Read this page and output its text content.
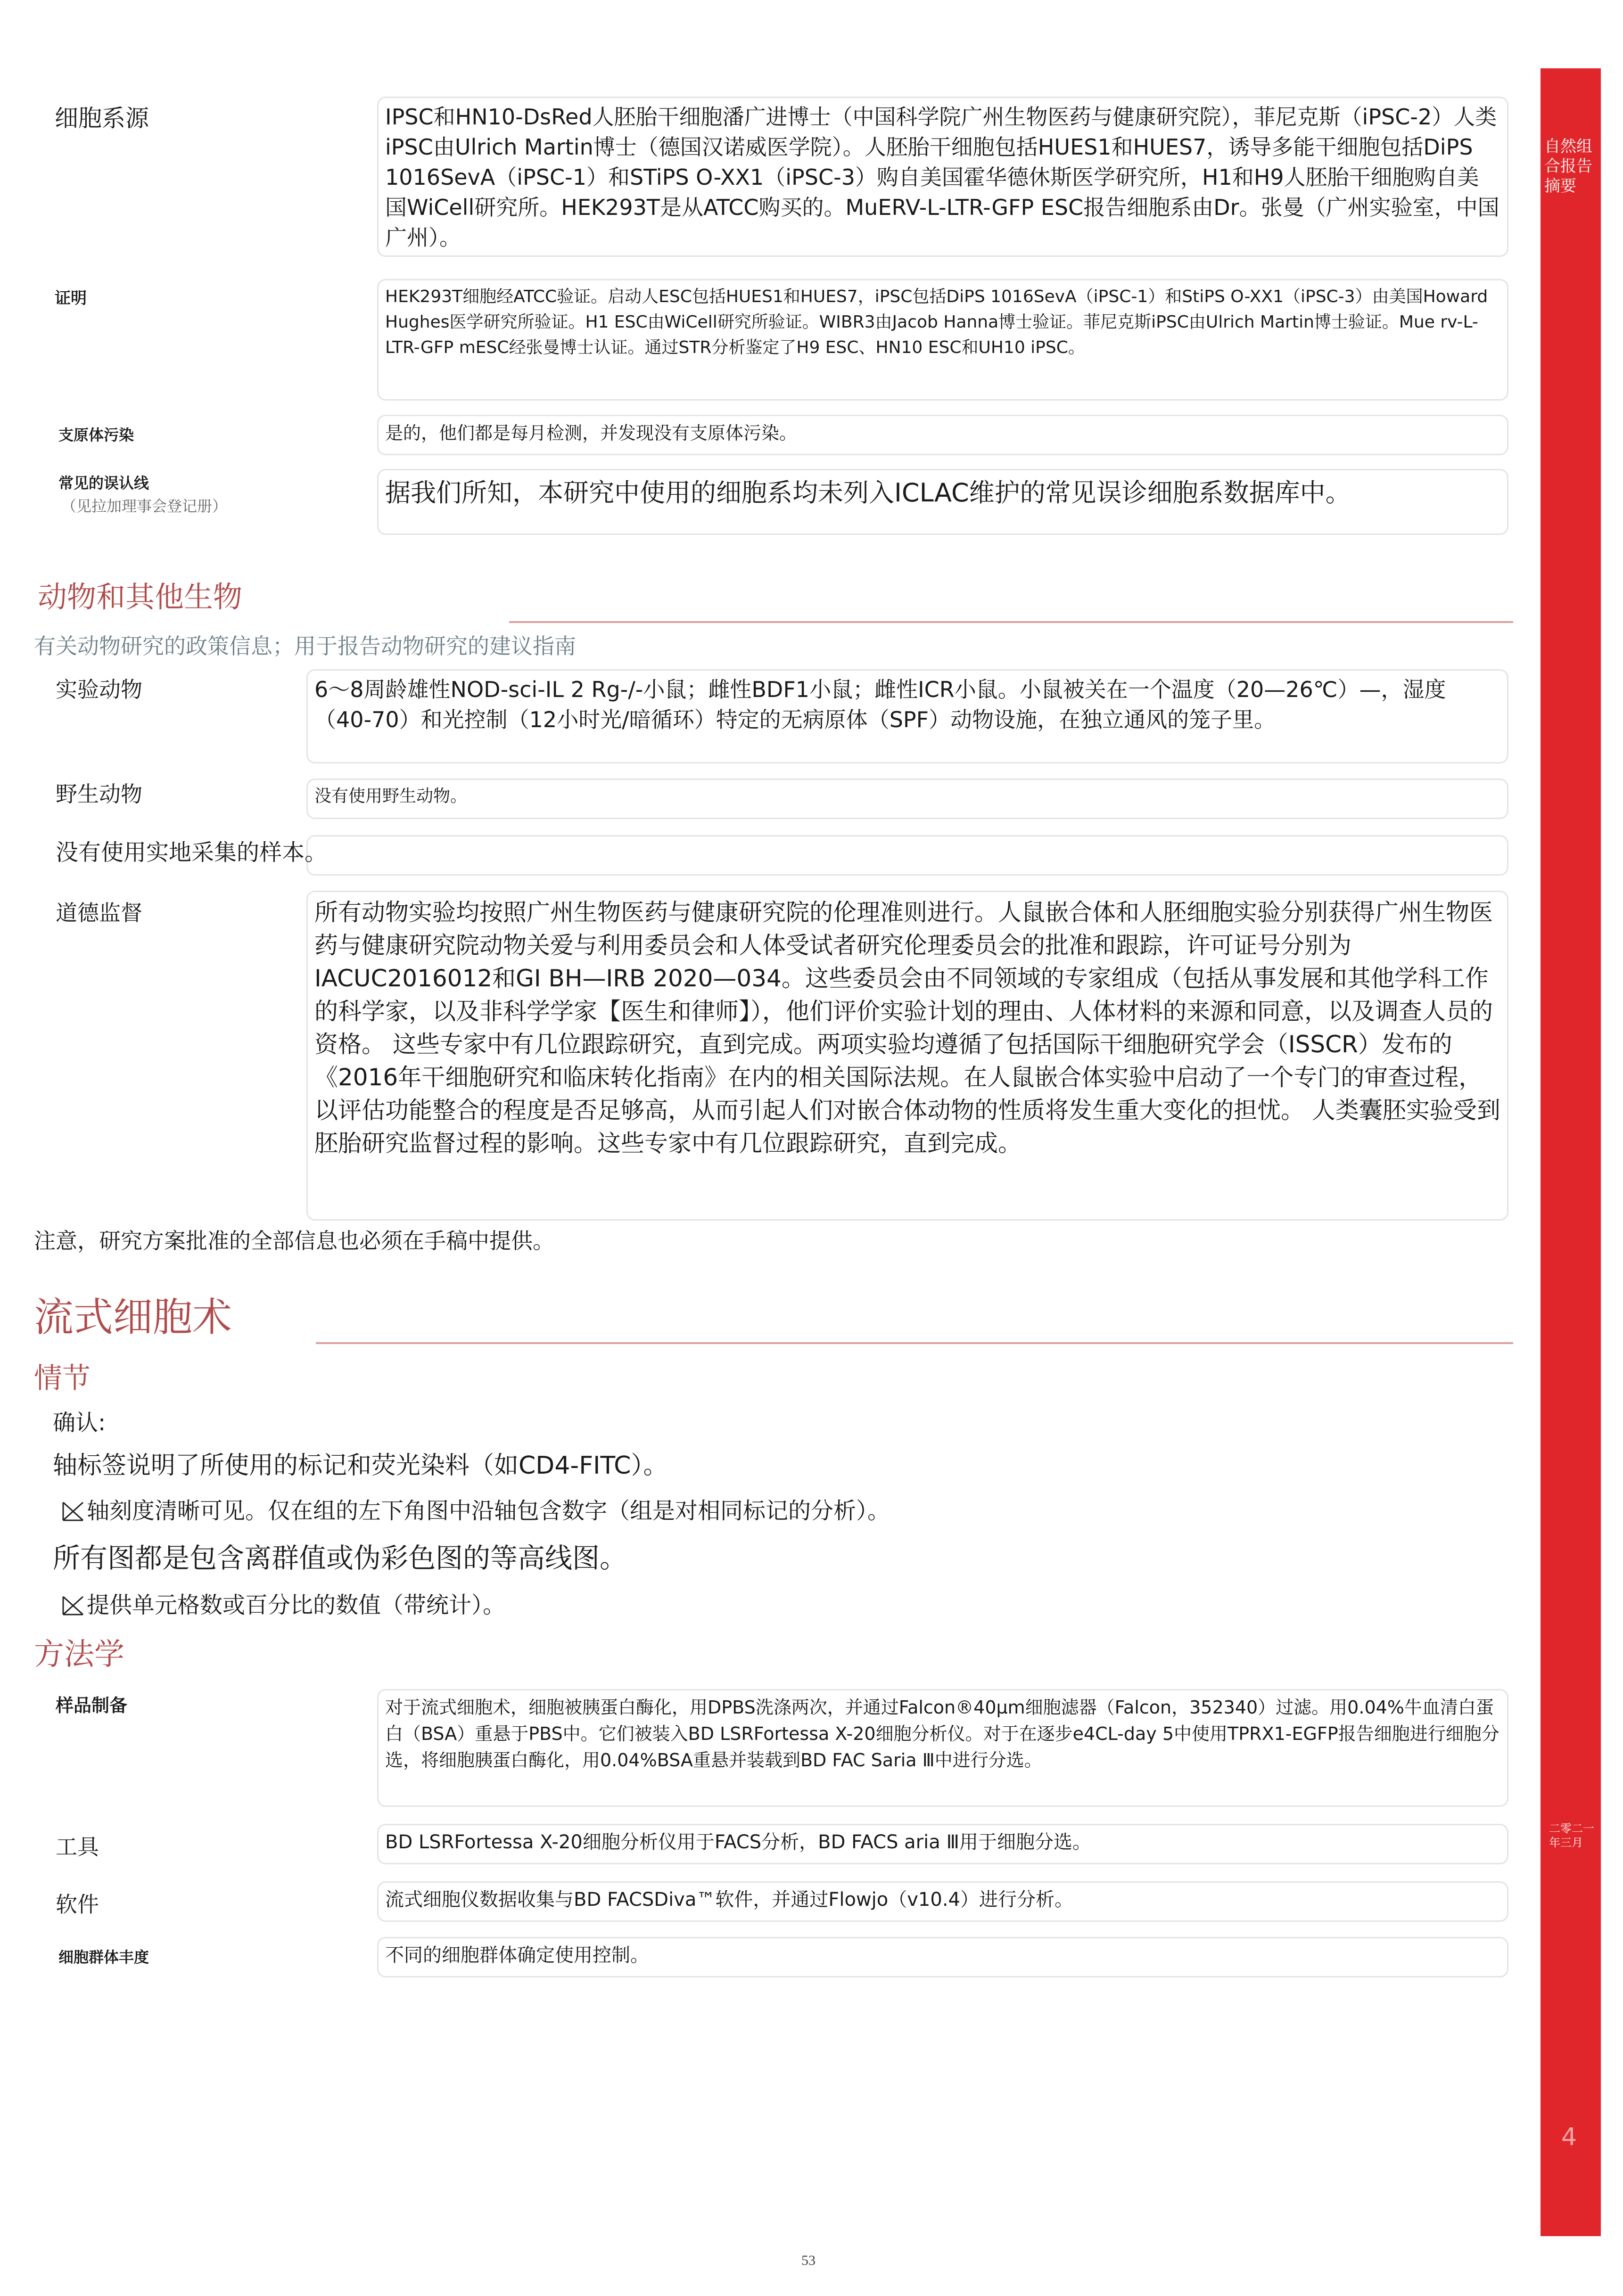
细胞系源	IPSC和HN10-DsRed人胚胎干细胞潘广进博士（中国科学院广州生物医药与健康研究院），菲尼克斯（iPSC-2）人类iPSC由Ulrich Martin博士（德国汉诺威医学院）。人胚胎干细胞包括HUES1和HUES7，诱导多能干细胞包括DiPS 1016SevA（iPSC-1）和STiPS O-XX1（iPSC-3）购自美国霍华德休斯医学研究所，H1和H9人胚胎干细胞购自美国WiCell研究所。HEK293T是从ATCC购买的。MuERV-L-LTR-GFP ESC报告细胞系由Dr。张曼（广州实验室，中国广州）。
证明	HEK293T细胞经ATCC验证。启动人ESC包括HUES1和HUES7，iPSC包括DiPS 1016SevA（iPSC-1）和StiPS O-XX1（iPSC-3）由美国Howard Hughes医学研究所验证。H1 ESC由WiCell研究所验证。WIBR3由Jacob Hanna博士验证。菲尼克斯iPSC由Ulrich Martin博士验证。Mue rv-L-LTR-GFP mESC经张曼博士认证。通过STR分析鉴定了H9 ESC、HN10 ESC和UH10 iPSC。
支原体污染	是的，他们都是每月检测，并发现没有支原体污染。
常见的误认线
（见拉加理事会登记册）	据我们所知，本研究中使用的细胞系均未列入ICLAC维护的常见误诊细胞系数据库中。
动物和其他生物
有关动物研究的政策信息；用于报告动物研究的建议指南
实验动物	6～8周龄雄性NOD-sci-IL 2 Rg-/-小鼠；雌性BDF1小鼠；雌性ICR小鼠。小鼠被关在一个温度（20—26℃）—，湿度（40-70）和光控制（12小时光/暗循环）特定的无病原体（SPF）动物设施，在独立通风的笼子里。
野生动物	没有使用野生动物。
没有使用实地采集的样本。
道德监督	所有动物实验均按照广州生物医药与健康研究院的伦理准则进行。人鼠嵌合体和人胚细胞实验分别获得广州生物医药与健康研究院动物关爱与利用委员会和人体受试者研究伦理委员会的批准和跟踪，许可证号分别为IACUC2016012和GI BH—IRB 2020—034。这些委员会由不同领域的专家组成（包括从事发展和其他学科工作的科学家，以及非科学学家【医生和律师】），他们评价实验计划的理由、人体材料的来源和同意，以及调查人员的资格。 这些专家中有几位跟踪研究，直到完成。两项实验均遵循了包括国际干细胞研究学会（ISSCR）发布的《2016年干细胞研究和临床转化指南》在内的相关国际法规。在人鼠嵌合体实验中启动了一个专门的审查过程，以评估功能整合的程度是否足够高，从而引起人们对嵌合体动物的性质将发生重大变化的担忧。 人类囊胚实验受到胚胎研究监督过程的影响。这些专家中有几位跟踪研究，直到完成。
注意，研究方案批准的全部信息也必须在手稿中提供。
流式细胞术
情节
确认:
轴标签说明了所使用的标记和荧光染料（如CD4-FITC）。
轴刻度清晰可见。仅在组的左下角图中沿轴包含数字（组是对相同标记的分析）。
所有图都是包含离群值或伪彩色图的等高线图。
提供单元格数或百分比的数值（带统计）。
方法学
样品制备	对于流式细胞术，细胞被胰蛋白酶化，用DPBS洗涤两次，并通过Falcon®40μm细胞滤器（Falcon，352340）过滤。用0.04%牛血清白蛋白（BSA）重悬于PBS中。它们被装入BD LSRFortessa X-20细胞分析仪。对于在逐步e4CL-day 5中使用TPRX1-EGFP报告细胞进行细胞分选，将细胞胰蛋白酶化，用0.04%BSA重悬并装载到BD FAC Saria Ⅲ中进行分选。
工具	BD LSRFortessa X-20细胞分析仪用于FACS分析，BD FACS aria Ⅲ用于细胞分选。
软件	流式细胞仪数据收集与BD FACSDiva™软件，并通过Flowjo（v10.4）进行分析。
细胞群体丰度	不同的细胞群体确定使用控制。
自然组合报告摘要
二零二一年三月
4
53
